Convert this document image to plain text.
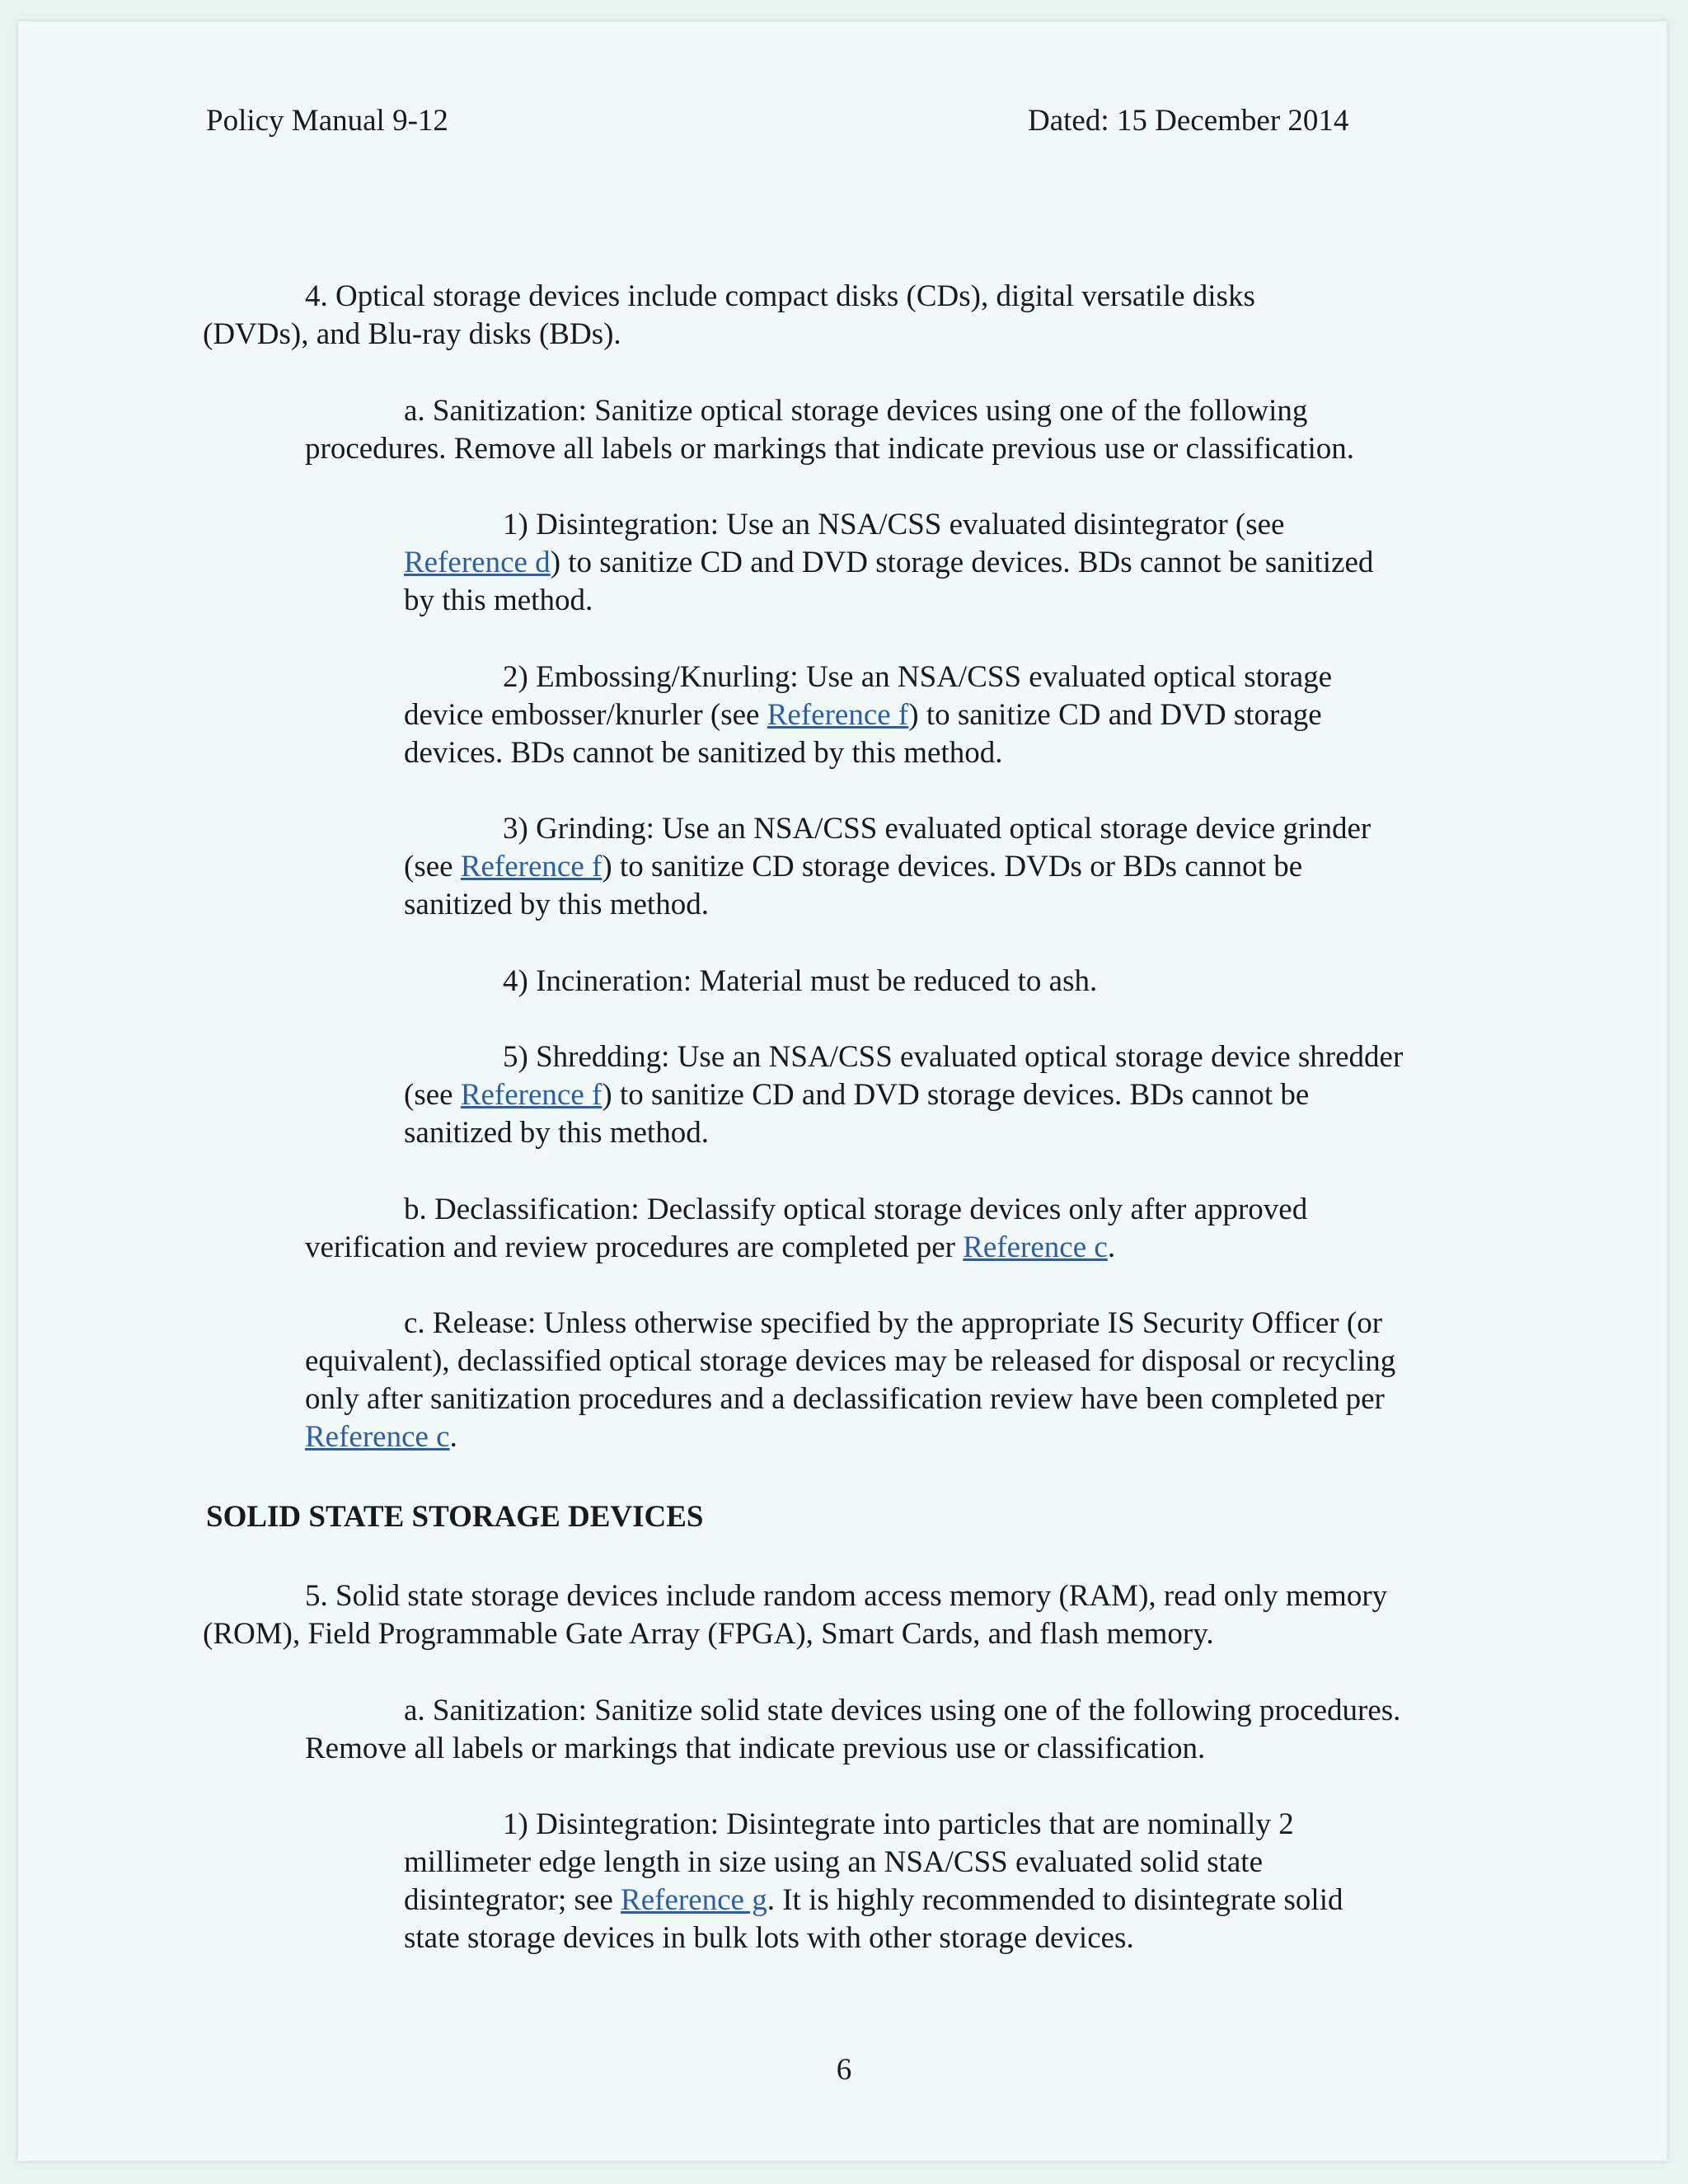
Policy Manual 9-12	Dated: 15 December 2014
4. Optical storage devices include compact disks (CDs), digital versatile disks
(DVDs), and Blu-ray disks (BDs).
a. Sanitization: Sanitize optical storage devices using one of the following
procedures. Remove all labels or markings that indicate previous use or classification.
1) Disintegration: Use an NSA/CSS evaluated disintegrator (see
Reference d) to sanitize CD and DVD storage devices. BDs cannot be sanitized
by this method.
2) Embossing/Knurling: Use an NSA/CSS evaluated optical storage
device embosser/knurler (see Reference f) to sanitize CD and DVD storage
devices. BDs cannot be sanitized by this method.
3) Grinding: Use an NSA/CSS evaluated optical storage device grinder
(see Reference f) to sanitize CD storage devices. DVDs or BDs cannot be
sanitized by this method.
4) Incineration: Material must be reduced to ash.
5) Shredding: Use an NSA/CSS evaluated optical storage device shredder
(see Reference f) to sanitize CD and DVD storage devices. BDs cannot be
sanitized by this method.
b. Declassification: Declassify optical storage devices only after approved
verification and review procedures are completed per Reference c.
c. Release: Unless otherwise specified by the appropriate IS Security Officer (or
equivalent), declassified optical storage devices may be released for disposal or recycling
only after sanitization procedures and a declassification review have been completed per
Reference c.
SOLID STATE STORAGE DEVICES
5. Solid state storage devices include random access memory (RAM), read only memory
(ROM), Field Programmable Gate Array (FPGA), Smart Cards, and flash memory.
a. Sanitization: Sanitize solid state devices using one of the following procedures.
Remove all labels or markings that indicate previous use or classification.
1) Disintegration: Disintegrate into particles that are nominally 2
millimeter edge length in size using an NSA/CSS evaluated solid state
disintegrator; see Reference g. It is highly recommended to disintegrate solid
state storage devices in bulk lots with other storage devices.
6
